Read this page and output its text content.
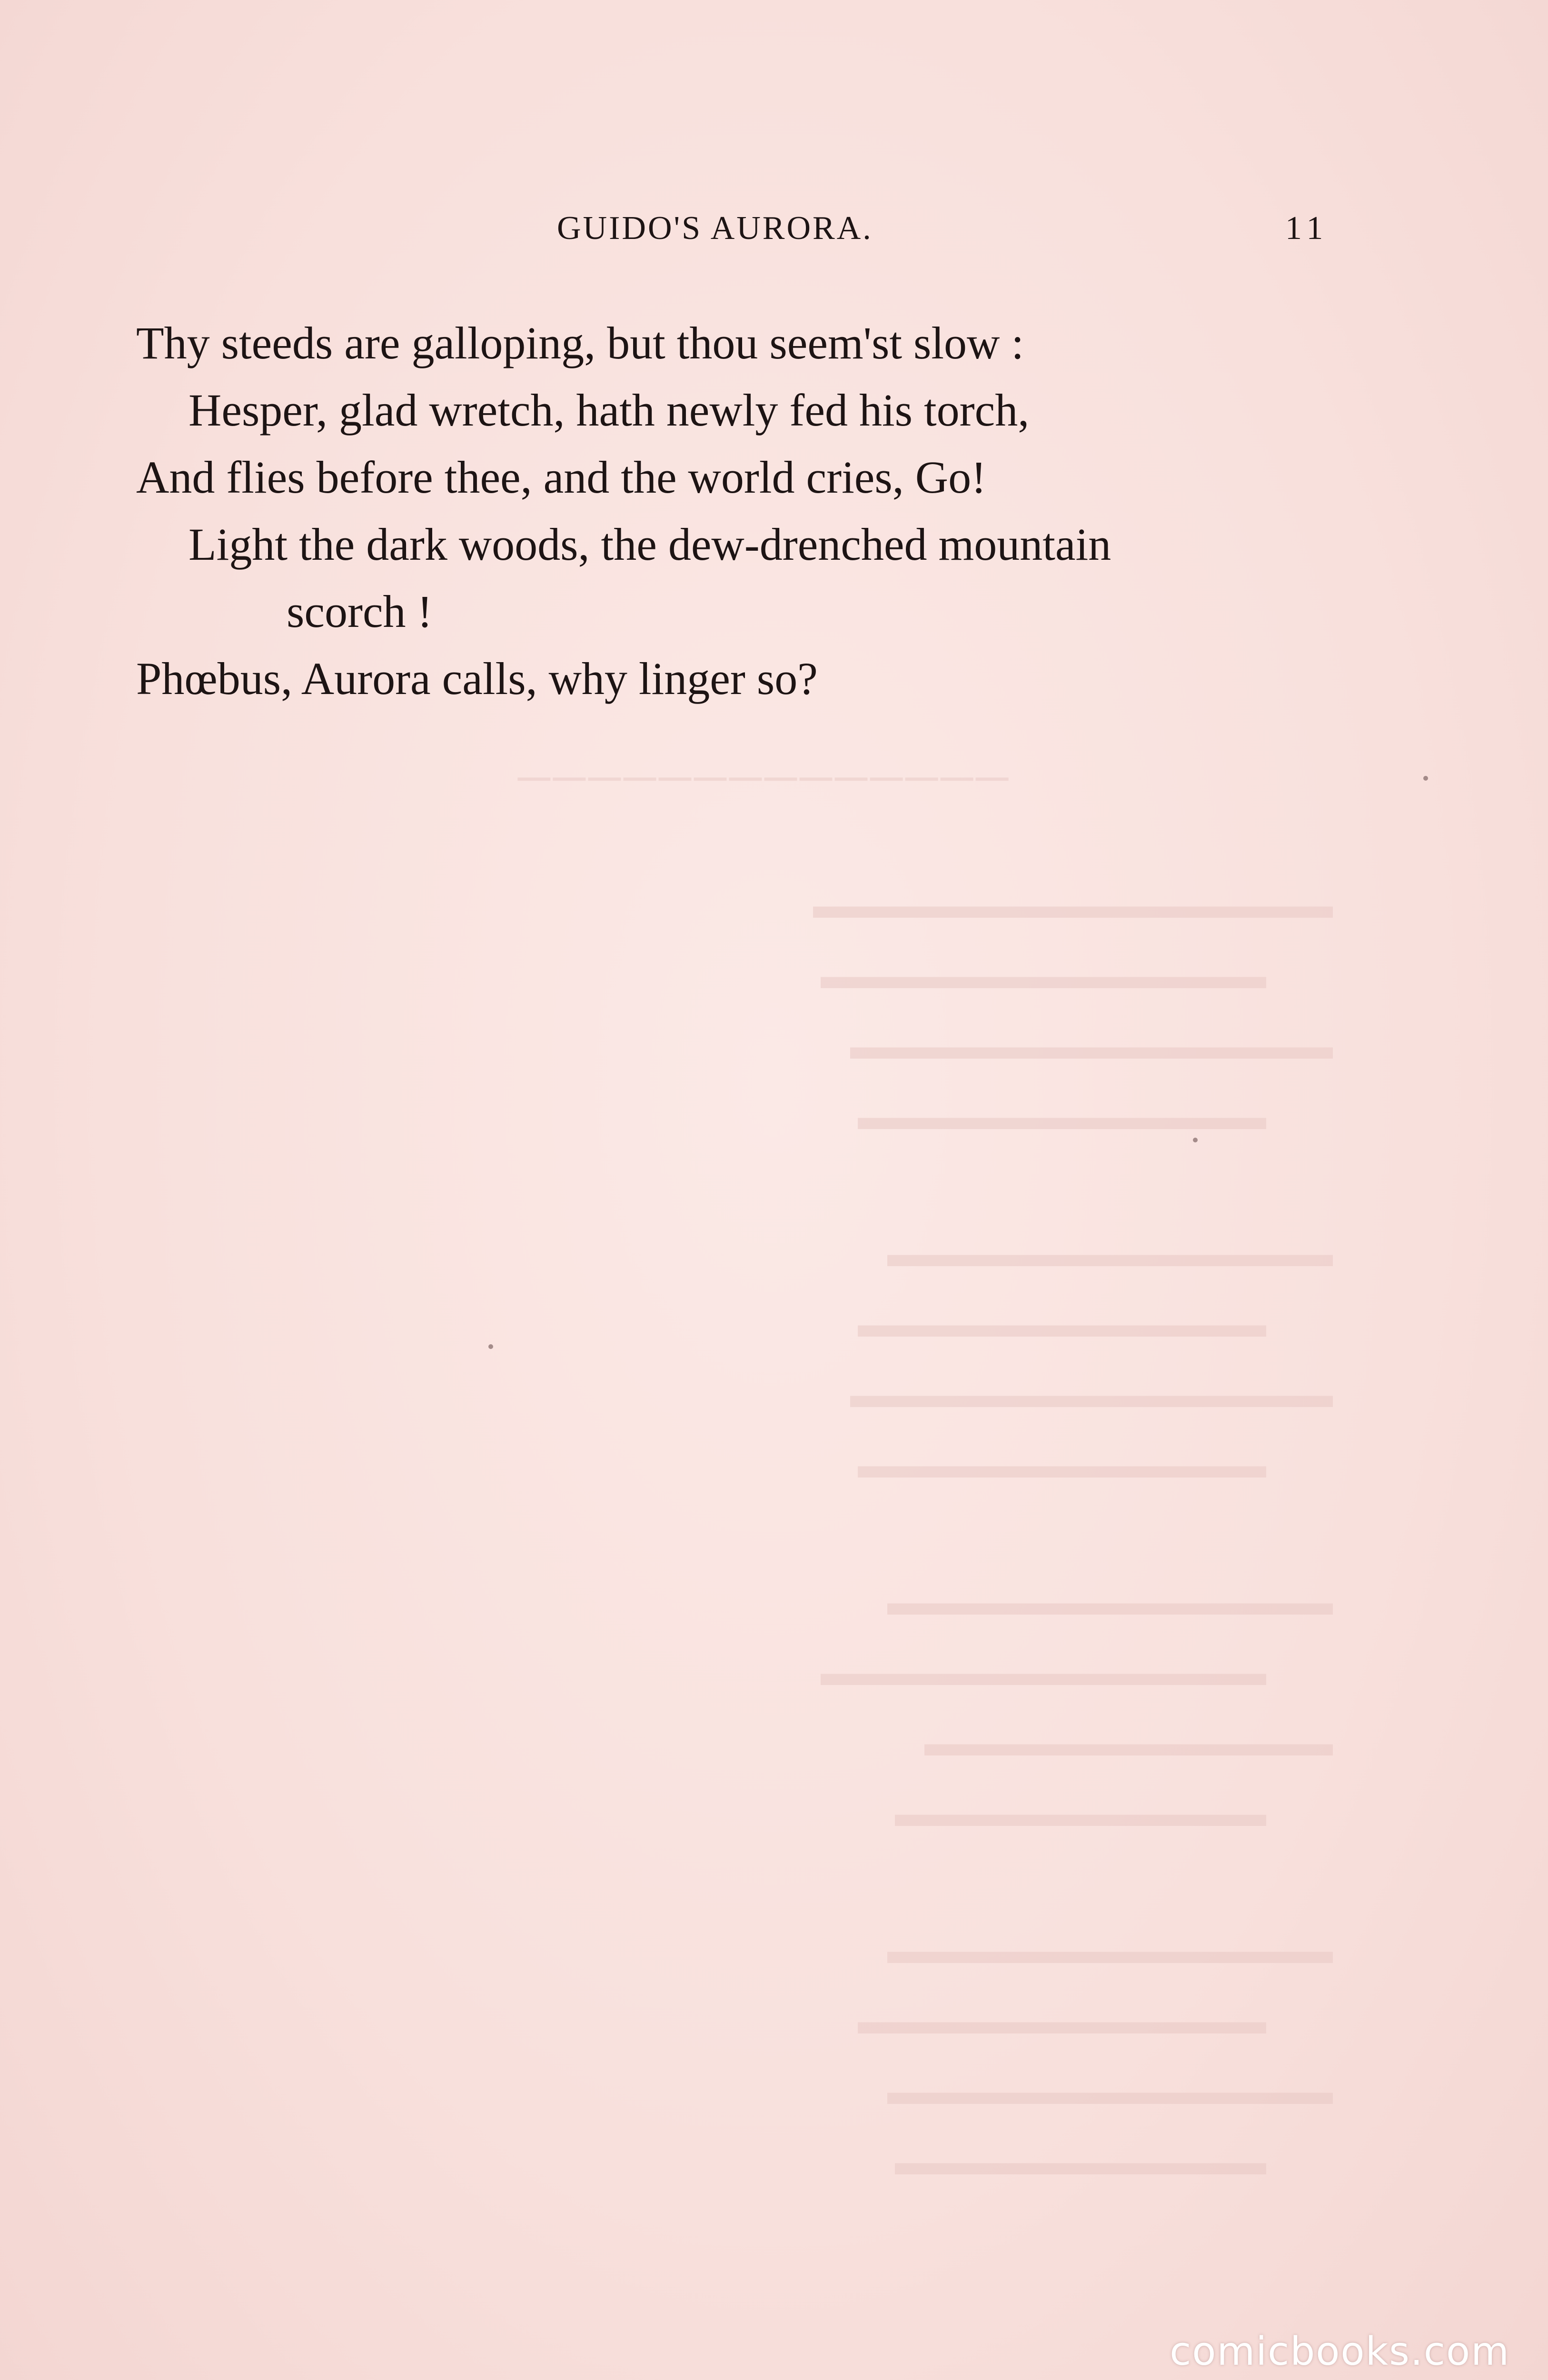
──────────────
▬▬▬▬▬▬▬▬▬▬▬▬▬▬
▬▬▬▬▬▬▬▬▬▬▬▬
▬▬▬▬▬▬▬▬▬▬▬▬▬
▬▬▬▬▬▬▬▬▬▬▬
▬▬▬▬▬▬▬▬▬▬▬▬
▬▬▬▬▬▬▬▬▬▬▬
▬▬▬▬▬▬▬▬▬▬▬▬▬
▬▬▬▬▬▬▬▬▬▬▬
▬▬▬▬▬▬▬▬▬▬▬▬
▬▬▬▬▬▬▬▬▬▬▬▬
▬▬▬▬▬▬▬▬▬▬▬
▬▬▬▬▬▬▬▬▬▬
▬▬▬▬▬▬▬▬▬▬▬▬
▬▬▬▬▬▬▬▬▬▬▬
▬▬▬▬▬▬▬▬▬▬▬▬
▬▬▬▬▬▬▬▬▬▬
GUIDO'S AURORA.	11
Thy steeds are galloping, but thou seem'st slow :
Hesper, glad wretch, hath newly fed his torch,
And flies before thee, and the world cries, Go!
Light the dark woods, the dew-drenched mountain
scorch !
Phœbus, Aurora calls, why linger so?
comicbooks.com
